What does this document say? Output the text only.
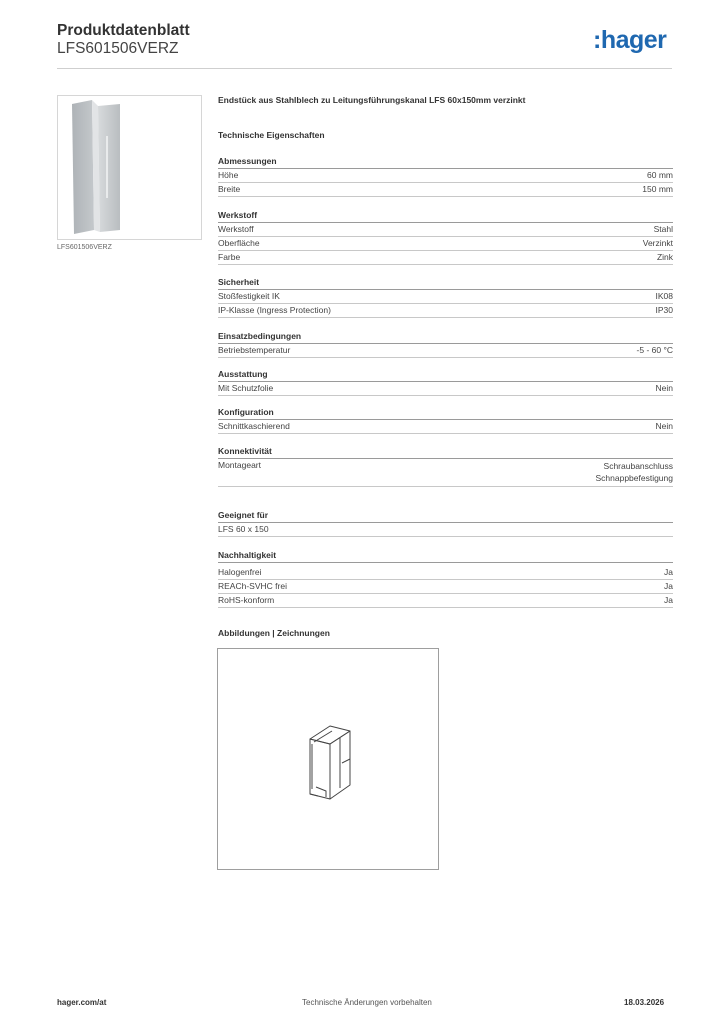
Produktdatenblatt
LFS601506VERZ	:hager
LFS601506VERZ
Endstück aus Stahlblech zu Leitungsführungskanal LFS 60x150mm verzinkt
Technische Eigenschaften
Abmessungen
Höhe	60 mm
Breite	150 mm
Werkstoff
Werkstoff	Stahl
Oberfläche	Verzinkt
Farbe	Zink
Sicherheit
Stoßfestigkeit IK	IK08
IP-Klasse (Ingress Protection)	IP30
Einsatzbedingungen
Betriebstemperatur	-5 - 60 °C
Ausstattung
Mit Schutzfolie	Nein
Konfiguration
Schnittkaschierend	Nein
Konnektivität
Montageart	Schraubanschluss
Schnappbefestigung
Geeignet für
LFS 60 x 150
Nachhaltigkeit
Halogenfrei	Ja
REACh-SVHC frei	Ja
RoHS-konform	Ja
Abbildungen | Zeichnungen
hager.com/at	Technische Änderungen vorbehalten	18.03.2026
